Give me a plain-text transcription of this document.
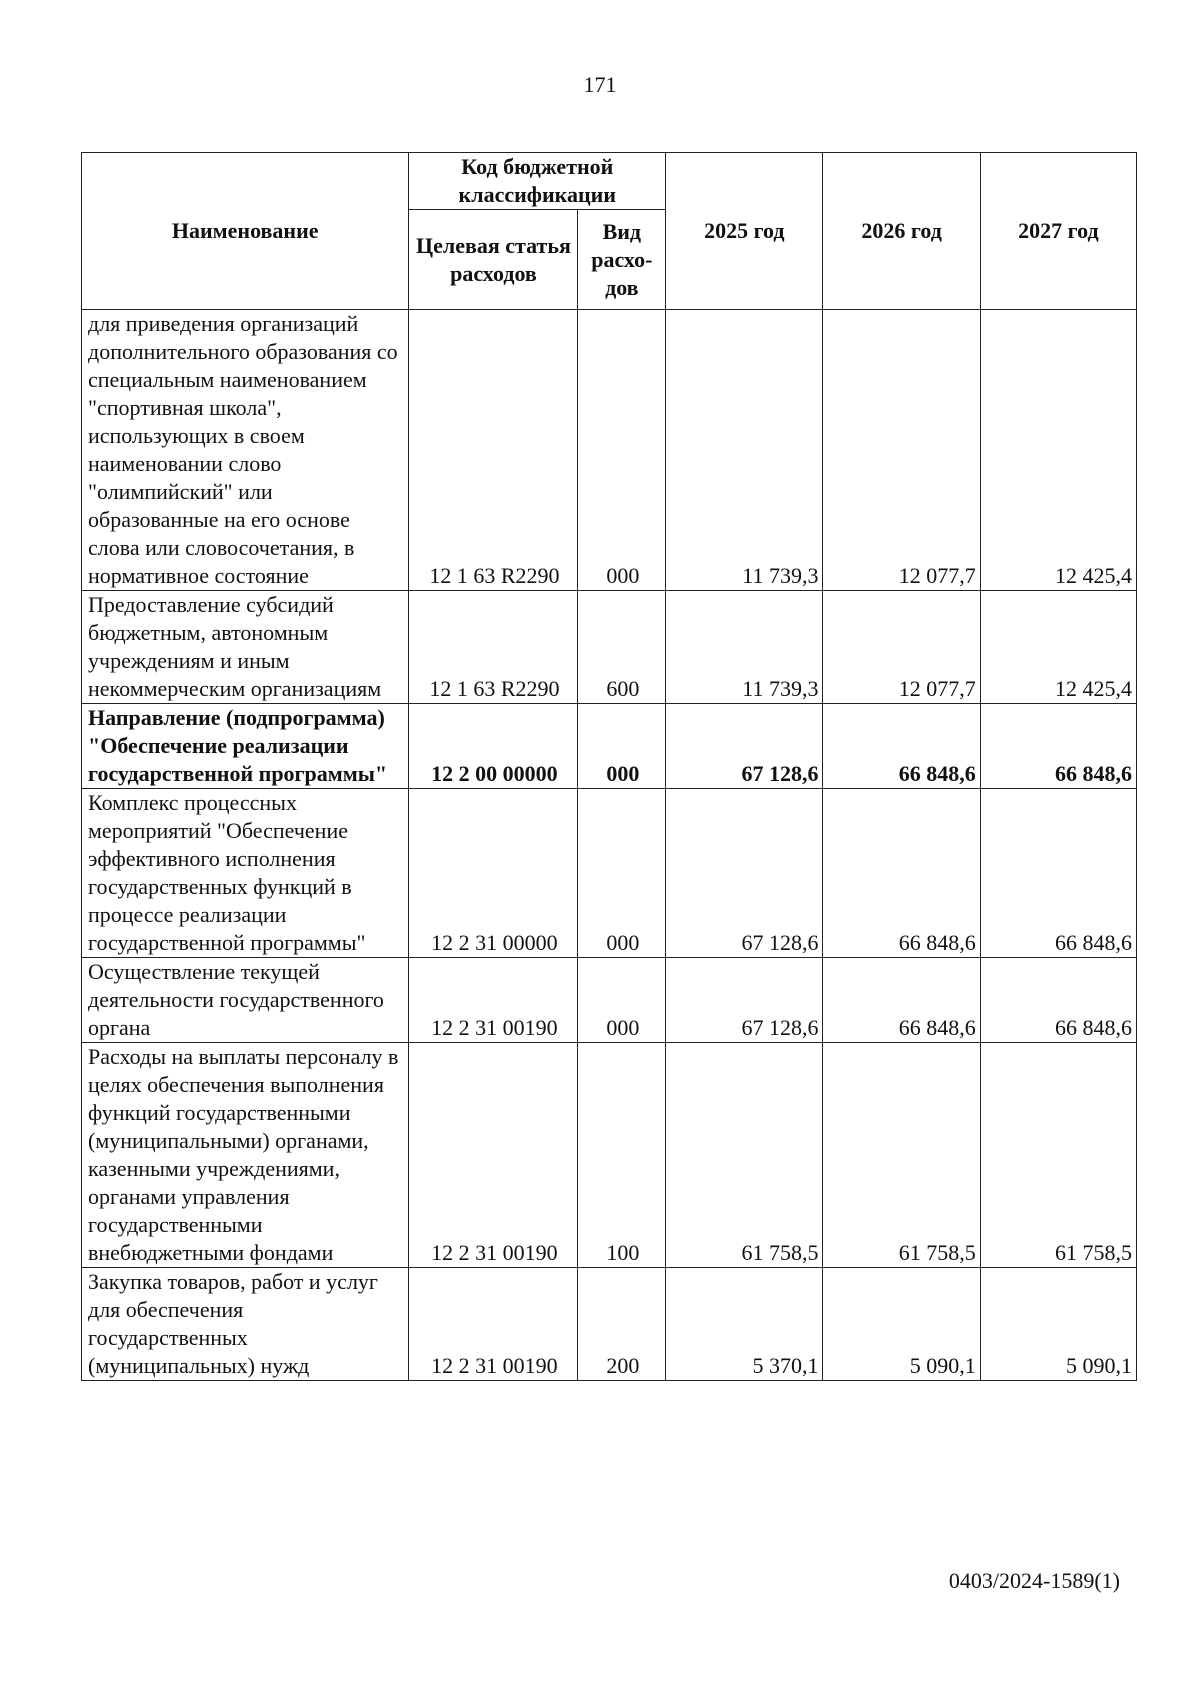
171
Наименование	Код бюджетной классификации		2025 год	2026 год	2027 год
	Целевая статья расходов	Вид расхо-дов			
для приведения организаций дополнительного образования со специальным наименованием "спортивная школа", использующих в своем наименовании слово "олимпийский" или образованные на его основе слова или словосочетания, в нормативное состояние	12 1 63 R2290	000	11 739,3	12 077,7	12 425,4
Предоставление субсидий бюджетным, автономным учреждениям и иным некоммерческим организациям	12 1 63 R2290	600	11 739,3	12 077,7	12 425,4
Направление (подпрограмма) "Обеспечение реализации государственной программы"	12 2 00 00000	000	67 128,6	66 848,6	66 848,6
Комплекс процессных мероприятий "Обеспечение эффективного исполнения государственных функций в процессе реализации государственной программы"	12 2 31 00000	000	67 128,6	66 848,6	66 848,6
Осуществление текущей деятельности государственного органа	12 2 31 00190	000	67 128,6	66 848,6	66 848,6
Расходы на выплаты персоналу в целях обеспечения выполнения функций государственными (муниципальными) органами, казенными учреждениями, органами управления государственными внебюджетными фондами	12 2 31 00190	100	61 758,5	61 758,5	61 758,5
Закупка товаров, работ и услуг для обеспечения государственных (муниципальных) нужд	12 2 31 00190	200	5 370,1	5 090,1	5 090,1
0403/2024-1589(1)
